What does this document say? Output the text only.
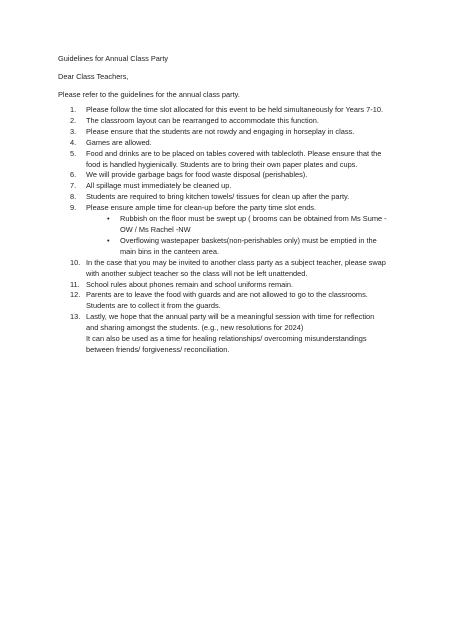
Guidelines for Annual Class Party
Dear Class Teachers,
Please refer to the guidelines for the annual class party.
1. Please follow the time slot allocated for this event to be held simultaneously for Years 7-10.
2. The classroom layout can be rearranged to accommodate this function.
3. Please ensure that the students are not rowdy and engaging in horseplay in class.
4. Games are allowed.
5. Food and drinks are to be placed on tables covered with tablecloth. Please ensure that the
food is handled hygienically. Students are to bring their own paper plates and cups.
6. We will provide garbage bags for food waste disposal (perishables).
7. All spillage must immediately be cleaned up.
8. Students are required to bring kitchen towels/ tissues for clean up after the party.
9. Please ensure ample time for clean-up before the party time slot ends.
• Rubbish on the floor must be swept up ( brooms can be obtained from Ms Sume -
OW / Ms Rachel -NW
• Overflowing wastepaper baskets(non-perishables only) must be emptied in the
main bins in the canteen area.
10. In the case that you may be invited to another class party as a subject teacher, please swap
with another subject teacher so the class will not be left unattended.
11. School rules about phones remain and school uniforms remain.
12. Parents are to leave the food with guards and are not allowed to go to the classrooms.
Students are to collect it from the guards.
13. Lastly, we hope that the annual party will be a meaningful session with time for reflection
and sharing amongst the students. (e.g., new resolutions for 2024)
It can also be used as a time for healing relationships/ overcoming misunderstandings
between friends/ forgiveness/ reconciliation.
